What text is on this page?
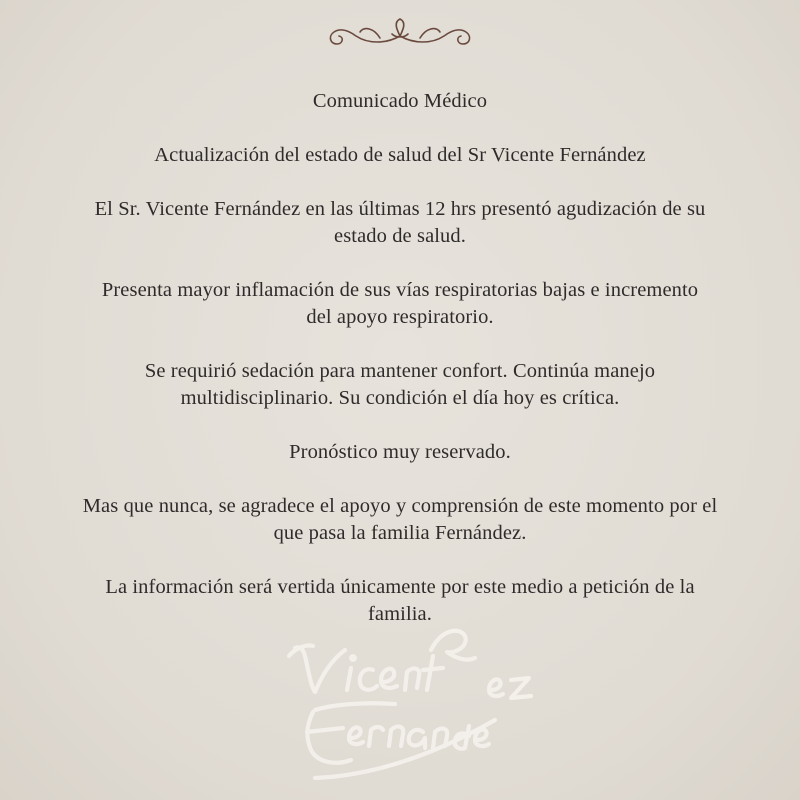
Comunicado Médico

Actualización del estado de salud del Sr Vicente Fernández

El Sr. Vicente Fernández en las últimas 12 hrs presentó agudización de su

estado de salud.

Presenta mayor inflamación de sus vías respiratorias bajas e incremento

del apoyo respiratorio.

Se requirió sedación para mantener confort. Continúa manejo

multidisciplinario. Su condición el día hoy es crítica.

Pronóstico muy reservado.

Mas que nunca, se agradece el apoyo y comprensión de este momento por el

que pasa la familia Fernández.

La información será vertida únicamente por este medio a petición de la

familia.
